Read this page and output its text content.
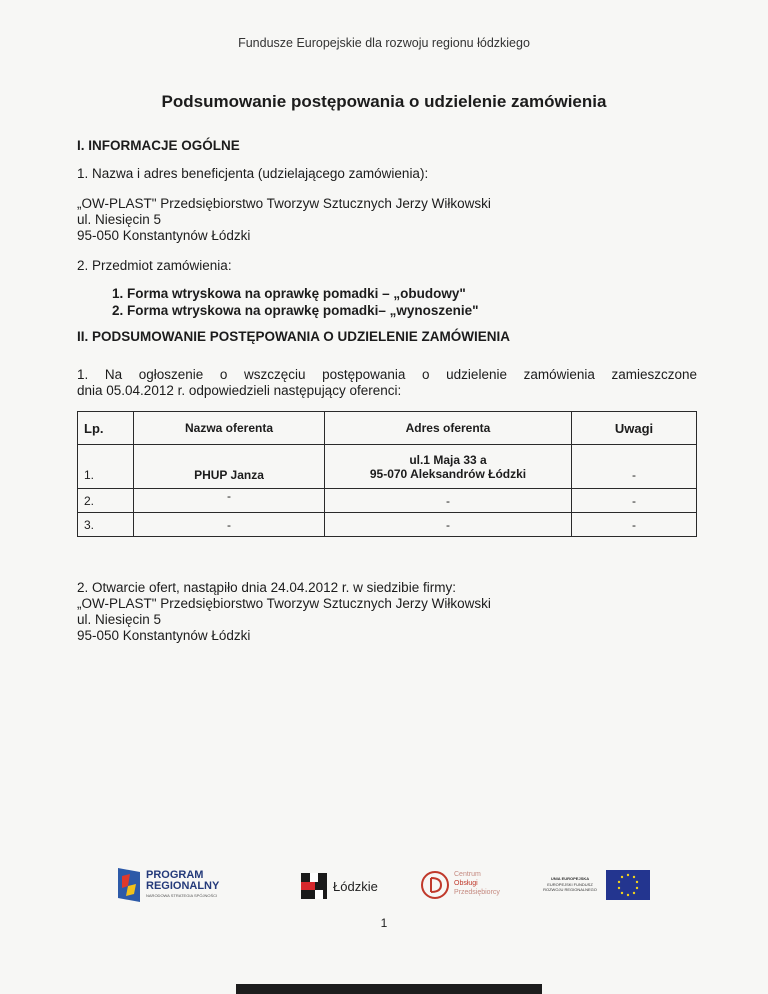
Fundusze Europejskie dla rozwoju regionu łódzkiego
Podsumowanie postępowania o udzielenie zamówienia
I. INFORMACJE OGÓLNE
1. Nazwa i adres beneficjenta (udzielającego zamówienia):
„OW-PLAST" Przedsiębiorstwo Tworzyw Sztucznych Jerzy Wiłkowski
ul. Niesięcin 5
95-050 Konstantynów Łódzki
2. Przedmiot zamówienia:
1. Forma wtryskowa na oprawkę pomadki – „obudowy"
2. Forma wtryskowa na oprawkę pomadki– „wynoszenie"
II. PODSUMOWANIE POSTĘPOWANIA O UDZIELENIE ZAMÓWIENIA
1. Na ogłoszenie o wszczęciu postępowania o udzielenie zamówienia zamieszczone
dnia 05.04.2012 r. odpowiedzieli następujący oferenci:
Lp.	Nazwa oferenta	Adres oferenta	Uwagi
1.	PHUP Janza	ul.1 Maja 33 a
95-070 Aleksandrów Łódzki	-
2.	-	-	-
3.	-	-	-
2. Otwarcie ofert, nastąpiło dnia 24.04.2012 r. w siedzibie firmy:
„OW-PLAST" Przedsiębiorstwo Tworzyw Sztucznych Jerzy Wiłkowski
ul. Niesięcin 5
95-050 Konstantynów Łódzki
PROGRAM
REGIONALNY
NARODOWA STRATEGIA SPÓJNOŚCI
Łódzkie
Centrum
Obsługi
Przedsiębiorcy
UNIA EUROPEJSKA
EUROPEJSKI FUNDUSZ
ROZWOJU REGIONALNEGO
1
